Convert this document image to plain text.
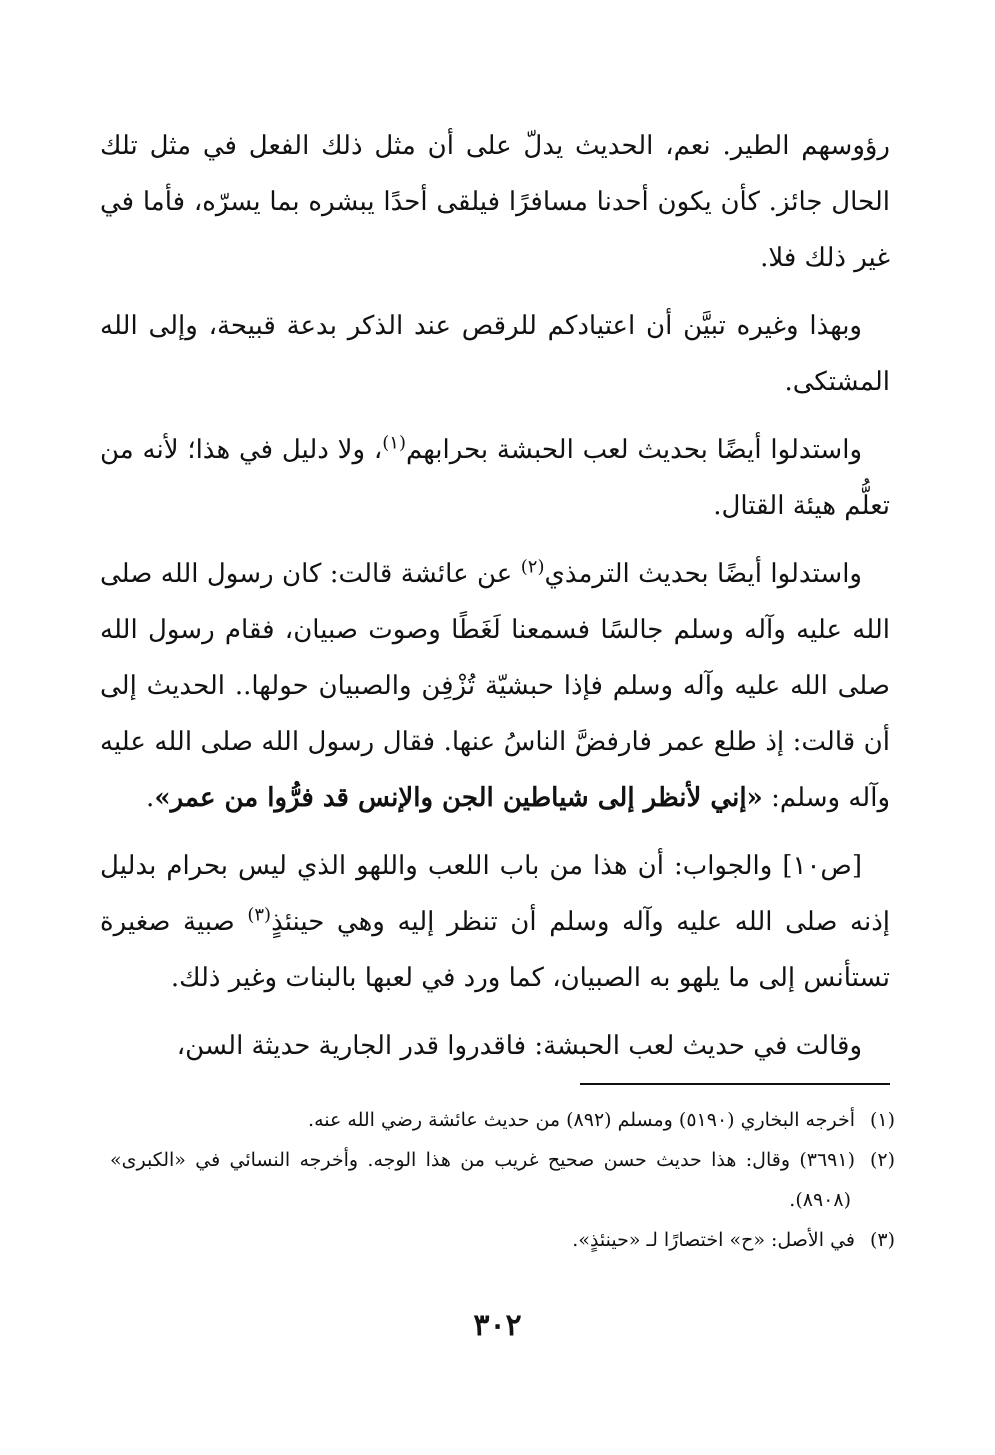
رؤوسهم الطير. نعم، الحديث يدلّ على أن مثل ذلك الفعل في مثل تلك الحال جائز. كأن يكون أحدنا مسافرًا فيلقى أحدًا يبشره بما يسرّه، فأما في غير ذلك فلا.

وبهذا وغيره تبيَّن أن اعتيادكم للرقص عند الذكر بدعة قبيحة، وإلى الله المشتكى.

واستدلوا أيضًا بحديث لعب الحبشة بحرابهم$^{(١)}$، ولا دليل في هذا؛ لأنه من تعلُّم هيئة القتال.

واستدلوا أيضًا بحديث الترمذي$^{(٢)}$ عن عائشة قالت: كان رسول الله صلى الله عليه وآله وسلم جالسًا فسمعنا لَغَطًا وصوت صبيان، فقام رسول الله صلى الله عليه وآله وسلم فإذا حبشيّة تُزْفِن والصبيان حولها.. الحديث إلى أن قالت: إذ طلع عمر فارفضَّ الناسُ عنها. فقال رسول الله صلى الله عليه وآله وسلم: «إني لأنظر إلى شياطين الجن والإنس قد فرُّوا من عمر».

[ص١٠] والجواب: أن هذا من باب اللعب واللهو الذي ليس بحرام بدليل إذنه صلى الله عليه وآله وسلم أن تنظر إليه وهي حينئذٍ$^{(٣)}$ صبية صغيرة تستأنس إلى ما يلهو به الصبيان، كما ورد في لعبها بالبنات وغير ذلك.

وقالت في حديث لعب الحبشة: فاقدروا قدر الجارية حديثة السن،

(١)أخرجه البخاري (٥١٩٠) ومسلم (٨٩٢) من حديث عائشة رضي الله عنه.

(٢)(٣٦٩١) وقال: هذا حديث حسن صحيح غريب من هذا الوجه. وأخرجه النسائي في «الكبرى» (٨٩٠٨).

(٣)في الأصل: «ح» اختصارًا لـ «حينئذٍ».

٣٠٢
